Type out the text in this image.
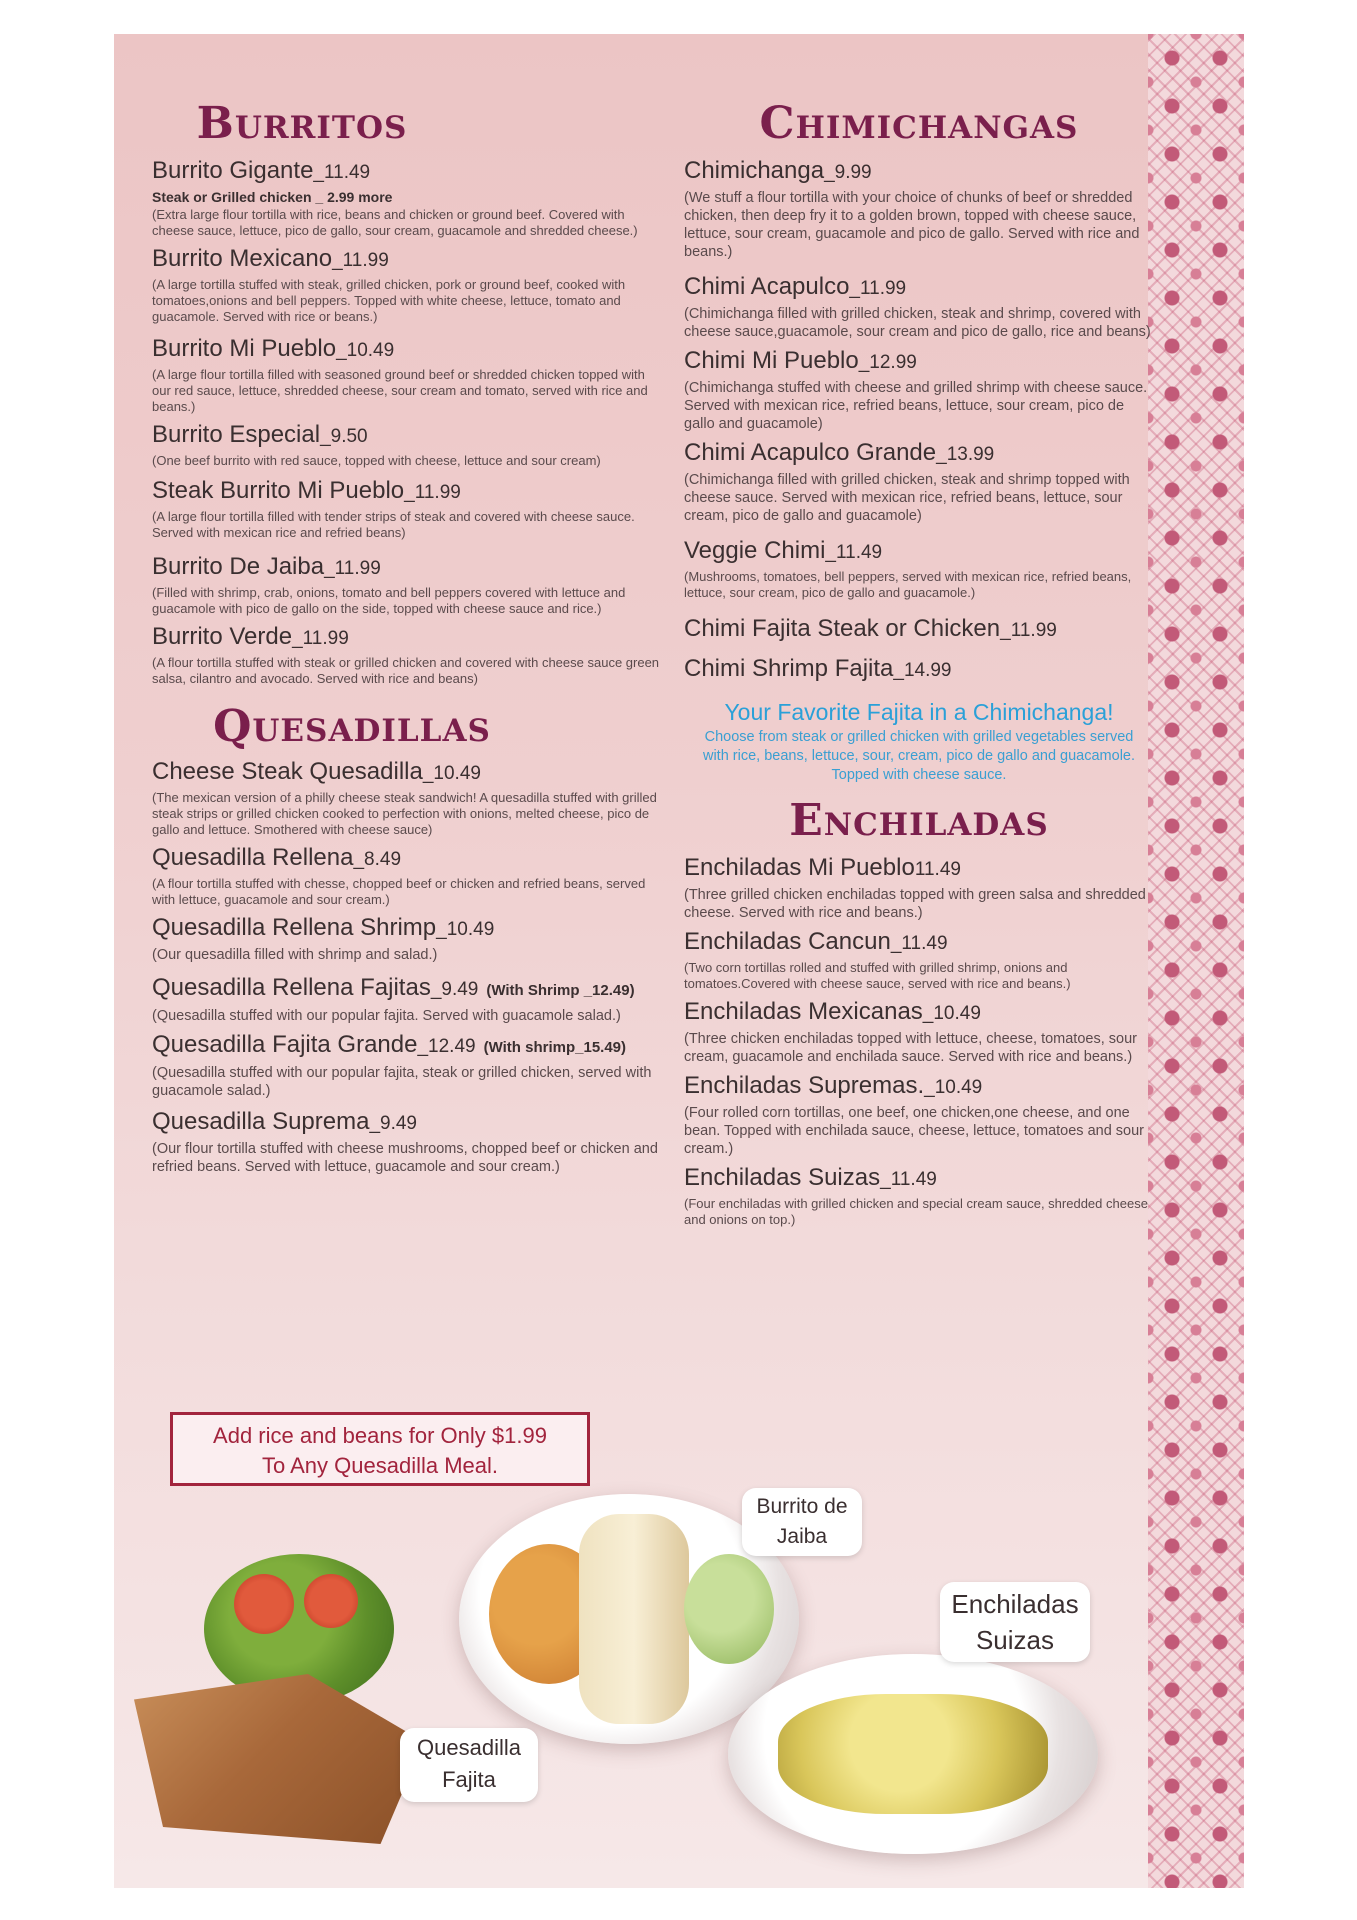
Burritos
Burrito Gigante_11.49
Steak or Grilled chicken _ 2.99 more
(Extra large flour tortilla with rice, beans and chicken or ground beef. Covered with cheese sauce, lettuce, pico de gallo, sour cream, guacamole and shredded cheese.)
Burrito Mexicano_11.99
(A large tortilla stuffed with steak, grilled chicken, pork or ground beef, cooked with tomatoes,onions and bell peppers. Topped with white cheese, lettuce, tomato and guacamole. Served with rice or beans.)
Burrito Mi Pueblo_10.49
(A large flour tortilla filled with seasoned ground beef or shredded chicken topped with our red sauce, lettuce, shredded cheese, sour cream and tomato, served with rice and beans.)
Burrito Especial_9.50
(One beef burrito with red sauce, topped with cheese, lettuce and sour cream)
Steak Burrito Mi Pueblo_11.99
(A large flour tortilla filled with tender strips of steak and covered with cheese sauce. Served with mexican rice and refried beans)
Burrito De Jaiba_11.99
(Filled with shrimp, crab, onions, tomato and bell peppers covered with lettuce and guacamole with pico de gallo on the side, topped with cheese sauce and rice.)
Burrito Verde_11.99
(A flour tortilla stuffed with steak or grilled chicken and covered with cheese sauce green salsa, cilantro and avocado. Served with rice and beans)
Quesadillas
Cheese Steak Quesadilla_10.49
(The mexican version of a philly cheese steak sandwich! A quesadilla stuffed with grilled steak strips or grilled chicken cooked to perfection with onions, melted cheese, pico de gallo and lettuce. Smothered with cheese sauce)
Quesadilla Rellena_8.49
(A flour tortilla stuffed with chesse, chopped beef or chicken and refried beans, served with lettuce, guacamole and sour cream.)
Quesadilla Rellena Shrimp_10.49
(Our quesadilla filled with shrimp and salad.)
Quesadilla Rellena Fajitas_9.49 (With Shrimp _12.49)
(Quesadilla stuffed with our popular fajita. Served with guacamole salad.)
Quesadilla Fajita Grande_12.49 (With shrimp_15.49)
(Quesadilla stuffed with our popular fajita, steak or grilled chicken, served with guacamole salad.)
Quesadilla Suprema_9.49
(Our flour tortilla stuffed with cheese mushrooms, chopped beef or chicken and refried beans. Served with lettuce, guacamole and sour cream.)
Chimichangas
Chimichanga_9.99
(We stuff a flour tortilla with your choice of chunks of beef or shredded chicken, then deep fry it to a golden brown, topped with cheese sauce, lettuce, sour cream, guacamole and pico de gallo. Served with rice and beans.)
Chimi Acapulco_11.99
(Chimichanga filled with grilled chicken, steak and shrimp, covered with cheese sauce,guacamole, sour cream and pico de gallo, rice and beans)
Chimi Mi Pueblo_12.99
(Chimichanga stuffed with cheese and grilled shrimp with cheese sauce. Served with mexican rice, refried beans, lettuce, sour cream, pico de gallo and guacamole)
Chimi Acapulco Grande_13.99
(Chimichanga filled with grilled chicken, steak and shrimp topped with cheese sauce. Served with mexican rice, refried beans, lettuce, sour cream, pico de gallo and guacamole)
Veggie Chimi_11.49
(Mushrooms, tomatoes, bell peppers, served with mexican rice, refried beans, lettuce, sour cream, pico de gallo and guacamole.)
Chimi Fajita Steak or Chicken_11.99
Chimi Shrimp Fajita_14.99
Your Favorite Fajita in a Chimichanga!
Choose from steak or grilled chicken with grilled vegetables served with rice, beans, lettuce, sour, cream, pico de gallo and guacamole. Topped with cheese sauce.
Enchiladas
Enchiladas Mi Pueblo11.49
(Three grilled chicken enchiladas topped with green salsa and shredded cheese. Served with rice and beans.)
Enchiladas Cancun_11.49
(Two corn tortillas rolled and stuffed with grilled shrimp, onions and tomatoes.Covered with cheese sauce, served with rice and beans.)
Enchiladas Mexicanas_10.49
(Three chicken enchiladas topped with lettuce, cheese, tomatoes, sour cream, guacamole and enchilada sauce. Served with rice and beans.)
Enchiladas Supremas._10.49
(Four rolled corn tortillas, one beef, one chicken,one cheese, and one bean. Topped with enchilada sauce, cheese, lettuce, tomatoes and sour cream.)
Enchiladas Suizas_11.49
(Four enchiladas with grilled chicken and special cream sauce, shredded cheese and onions on top.)
Add rice and beans for Only $1.99
To Any Quesadilla Meal.
Burrito de Jaiba
Enchiladas Suizas
Quesadilla Fajita
